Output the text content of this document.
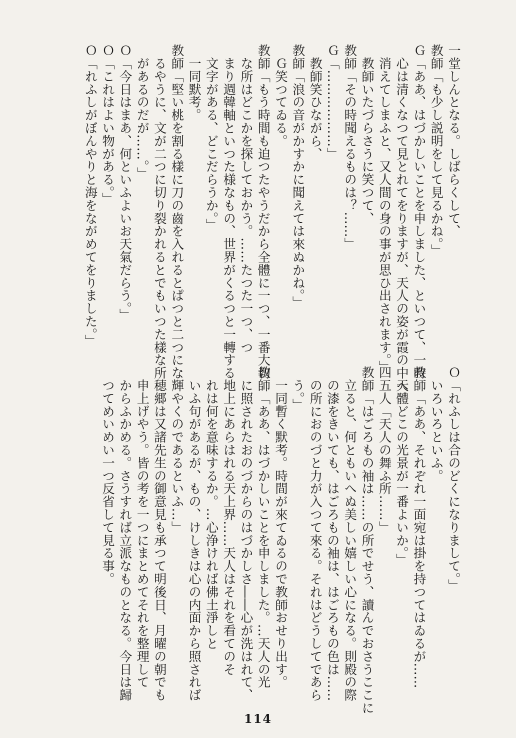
一堂しんとなる。しばらくして、
教師「も少し説明をして見るかね。」
Ｇ「ああ、はづかしいことを申しました、といつて、一時
　心は清くなつて見とれてをりますが、天人の姿が霞の中へ
　消えてしまふと、又人間の身の事が思ひ出されます。」
　教師いたづらさうに笑つて、
教師「その時聞えるものは？……」
Ｇ「………………」
　教師笑ひながら、
教師「浪の音がかすかに聞えては來ぬかね。」
　Ｇ笑つてゐる。
教師「もう時間も迫つたやうだから全體に一つ、一番大切
　な所はどこかを探しておかう。……たつた一つ、つ
　まり週韓軸といつた様なもの、世界がくるつと一轉する
　文字がある、どこだらうか。」
　一同默考。
教師「堅い桃を割る樣に刀の齒を入れるとぱつと二つにな
　るやうに、文が二つに切り裂かれるとでもいつた樣な所
　があるのだが……。」
Ｏ「今日はまあ、何といふよいお天氣だらう。」
Ｏ「これはよい物がある。」
Ｏ「れふしがぼんやりと海をながめてをりました。」
Ｏ「れふしは合のどくになりまして。」
　いろいろといふ。
教師「ああ、それぞれ一面宛は掛を持つてはゐるが……
　天體どこの光景が一番よいか。」
四五人「天人の舞ふ所……」
教師「はごろもの袖は……の所でせう、讀んでおさうここに
　立ると、何ともいへぬ美しい嬉しい心になる。則殿の際
　の漆をきいても、はごろもの袖は、はごろもの色は……
　の所におのづと力が入つて來る。それはどうしてであら
　う。」
　一同暫く默考。時間が來てゐるので教師おせり出す。
教師「ああ、はづかしいことを申しました。…天人の光
　に照されたおのづからのはづかしさ――心が洗はれて、
　地上にあらはれる天上界……天人はそれを看てのそ
　れは何を意味するか。…心浄ければ佛土淨しと
　いふ句があるが、もの、けしきは心の内面から照されば
　輝やくのであるといふ…」
　穂郷は又諸先生の御意見も承つて明後日、月曜の朝でも
　申上げやう。皆の考を一つにまとめてそれを整理して
　からふかめる。さうすれば立派なものとなる。今日は歸
　つてめいめい一つ反省して見る事。
114
